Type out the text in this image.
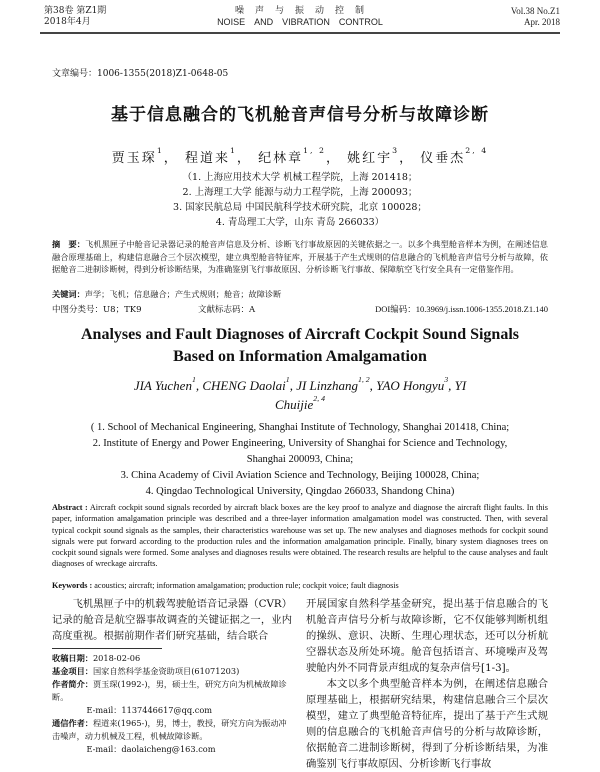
第38卷 第Z1期
2018年4月
噪　声　与　振　动　控　制
NOISE　AND　VIBRATION　CONTROL
Vol.38 No.Z1
Apr. 2018
文章编号：1006-1355(2018)Z1-0648-05
基于信息融合的飞机舱音声信号分析与故障诊断
贾玉琛$^1$， 程道来$^1$， 纪林章$^{1, 2}$， 姚红宇$^3$， 仪垂杰$^{2, 4}$
（1. 上海应用技术大学 机械工程学院，上海 201418；
2. 上海理工大学 能源与动力工程学院，上海 200093；
3. 国家民航总局 中国民航科学技术研究院，北京 100028；
4. 青岛理工大学，山东 青岛 266033）
摘　要：飞机黑匣子中舱音记录器记录的舱音声信息及分析、诊断飞行事故原因的关键依据之一。以多个典型舱音样本为例，在阐述信息融合原理基础上，构建信息融合三个层次模型，建立典型舱音特征库，开展基于产生式规则的信息融合的飞机舱音声信号分析与故障，依据舱音二进制诊断树，得到分析诊断结果，为准确鉴别飞行事故原因、分析诊断飞行事故、保障航空飞行安全具有一定借鉴作用。
关键词：声学；飞机；信息融合；产生式规则；舱音；故障诊断
中图分类号：U8；TK9	文献标志码：A	DOI编码：10.3969/j.issn.1006-1355.2018.Z1.140
Analyses and Fault Diagnoses of Aircraft Cockpit Sound Signals
Based on Information Amalgamation
JIA Yuchen$^1$, CHENG Daolai$^1$, JI Linzhang$^{1, 2}$, YAO Hongyu$^3$, YI Chuijie$^{2, 4}$
( 1. School of Mechanical Engineering, Shanghai Institute of Technology, Shanghai 201418, China;
2. Institute of Energy and Power Engineering, University of Shanghai for Science and Technology,
Shanghai 200093, China;
3. China Academy of Civil Aviation Science and Technology, Beijing 100028, China;
4. Qingdao Technological University, Qingdao 266033, Shandong China)
Abstract : Aircraft cockpit sound signals recorded by aircraft black boxes are the key proof to analyze and diagnose the aircraft flight faults. In this paper, information amalgamation principle was described and a three-layer information amalgamation model was constructed. Then, with several typical cockpit sound signals as the samples, their characteristics warehouse was set up. The new analyses and diagnoses methods for cockpit sound signals were put forward according to the production rules and the information amalgamation principle. Finally, binary system diagnoses trees on cockpit sound signals were formed. Some analyses and diagnoses results were obtained. The research results are helpful to the cause analyses and fault diagnoses of wreckage aircrafts.
Keywords : acoustics; aircraft; information amalgamation; production rule; cockpit voice; fault diagnosis
飞机黑匣子中的机载驾驶舱语音记录器（CVR）记录的舱音是航空器事故调查的关键证据之一，业内高度重视。根据前期作者们研究基础，结合联合
收稿日期：2018-02-06
基金项目：国家自然科学基金资助项目(61071203)
作者简介：贾玉琛(1992-)，男，硕士生，研究方向为机械故障诊断。
E-mail：1137446617@qq.com
通信作者：程道来(1965-)，男，博士，教授，研究方向为振动冲击噪声，动力机械及工程，机械故障诊断。
E-mail：daolaicheng@163.com
开展国家自然科学基金研究，提出基于信息融合的飞机舱音声信号分析与故障诊断，它不仅能够判断机组的操纵、意识、决断、生理心理状态，还可以分析航空器状态及所处环境。舱音包括语言、环境噪声及驾驶舱内外不同背景声组成的复杂声信号[1-3]。
本文以多个典型舱音样本为例，在阐述信息融合原理基础上，根据研究结果，构建信息融合三个层次模型，建立了典型舱音特征库，提出了基于产生式规则的信息融合的飞机舱音声信号的分析与故障诊断，依据舱音二进制诊断树，得到了分析诊断结果，为准确鉴别飞行事故原因、分析诊断飞行事故
